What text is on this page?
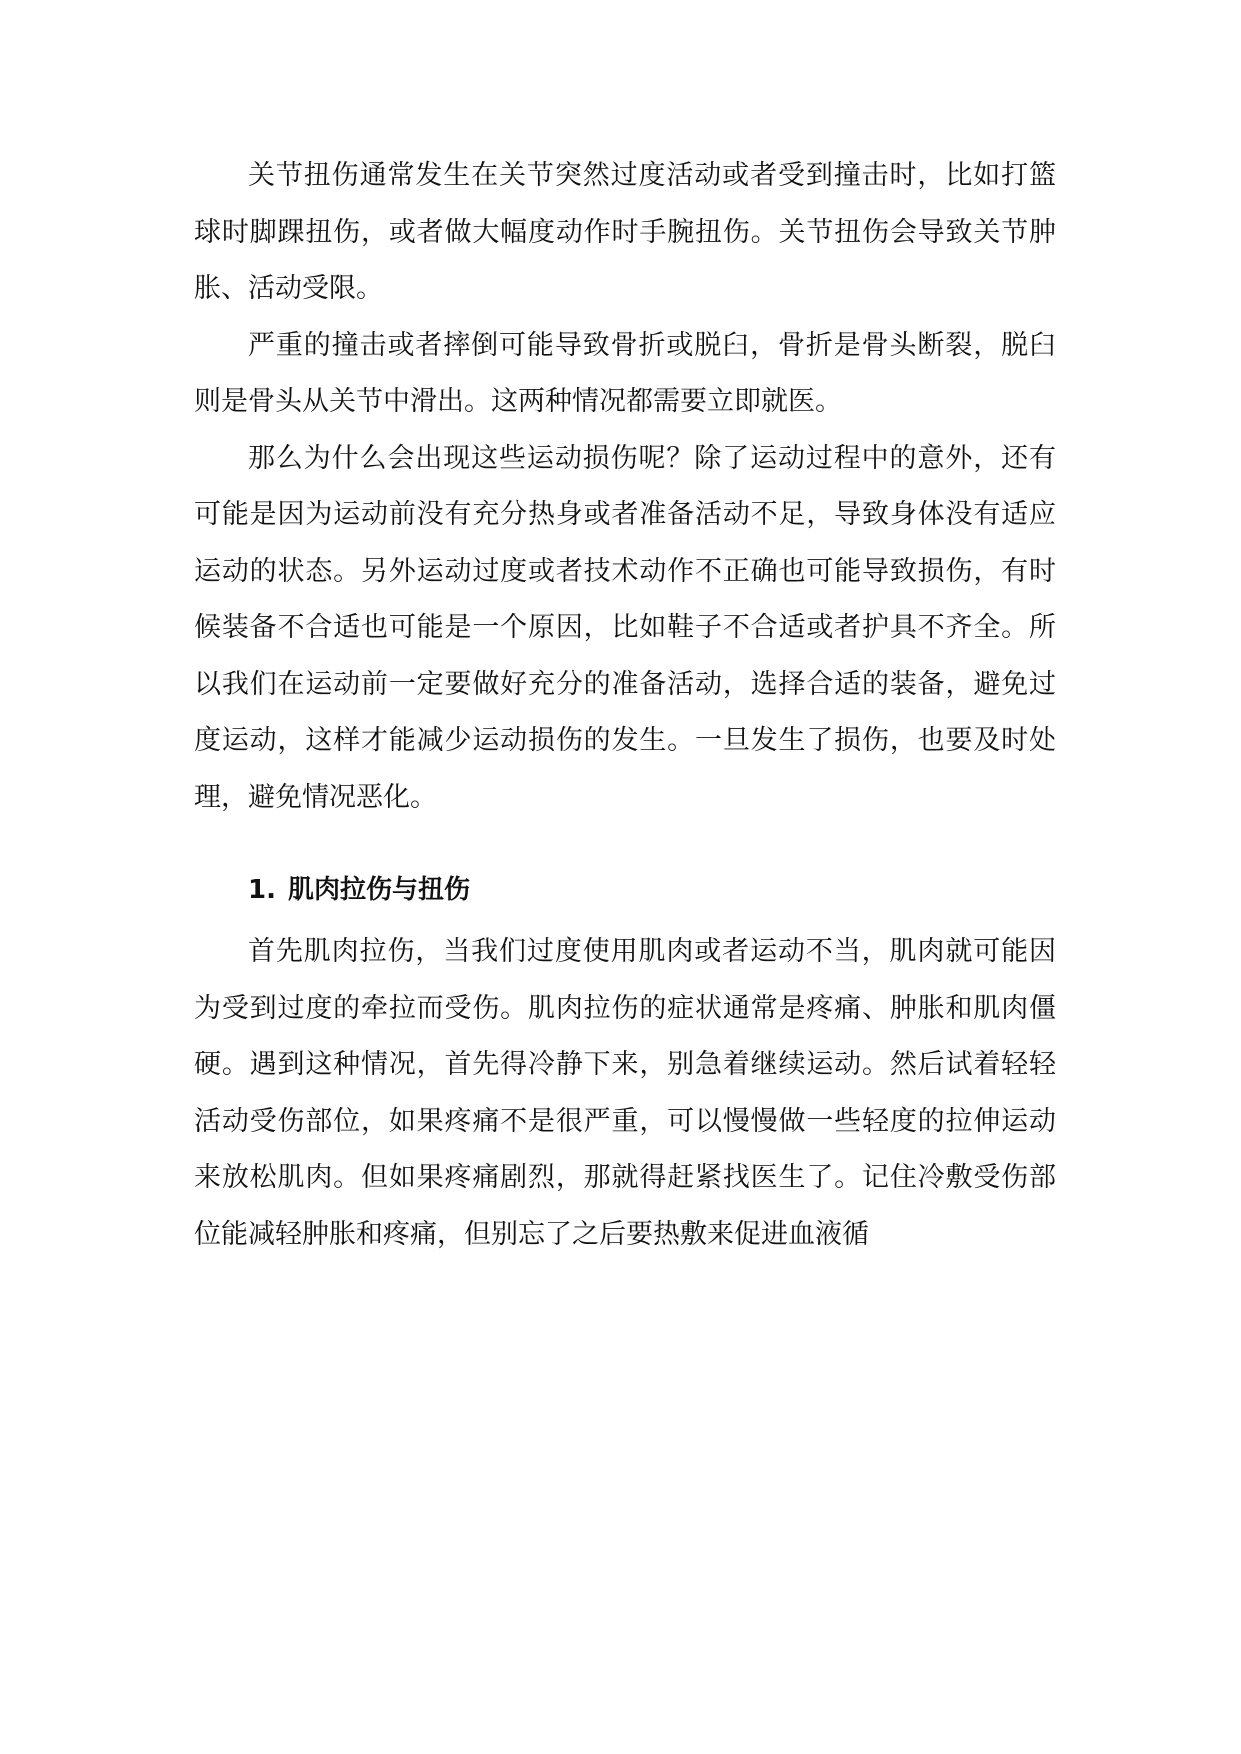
关节扭伤通常发生在关节突然过度活动或者受到撞击时，比如打篮球时脚踝扭伤，或者做大幅度动作时手腕扭伤。关节扭伤会导致关节肿胀、活动受限。

严重的撞击或者摔倒可能导致骨折或脱臼，骨折是骨头断裂，脱臼则是骨头从关节中滑出。这两种情况都需要立即就医。

那么为什么会出现这些运动损伤呢？除了运动过程中的意外，还有可能是因为运动前没有充分热身或者准备活动不足，导致身体没有适应运动的状态。另外运动过度或者技术动作不正确也可能导致损伤，有时候装备不合适也可能是一个原因，比如鞋子不合适或者护具不齐全。所以我们在运动前一定要做好充分的准备活动，选择合适的装备，避免过度运动，这样才能减少运动损伤的发生。一旦发生了损伤，也要及时处理，避免情况恶化。

1. 肌肉拉伤与扭伤

首先肌肉拉伤，当我们过度使用肌肉或者运动不当，肌肉就可能因为受到过度的牵拉而受伤。肌肉拉伤的症状通常是疼痛、肿胀和肌肉僵硬。遇到这种情况，首先得冷静下来，别急着继续运动。然后试着轻轻活动受伤部位，如果疼痛不是很严重，可以慢慢做一些轻度的拉伸运动来放松肌肉。但如果疼痛剧烈，那就得赶紧找医生了。记住冷敷受伤部位能减轻肿胀和疼痛，但别忘了之后要热敷来促进血液循
